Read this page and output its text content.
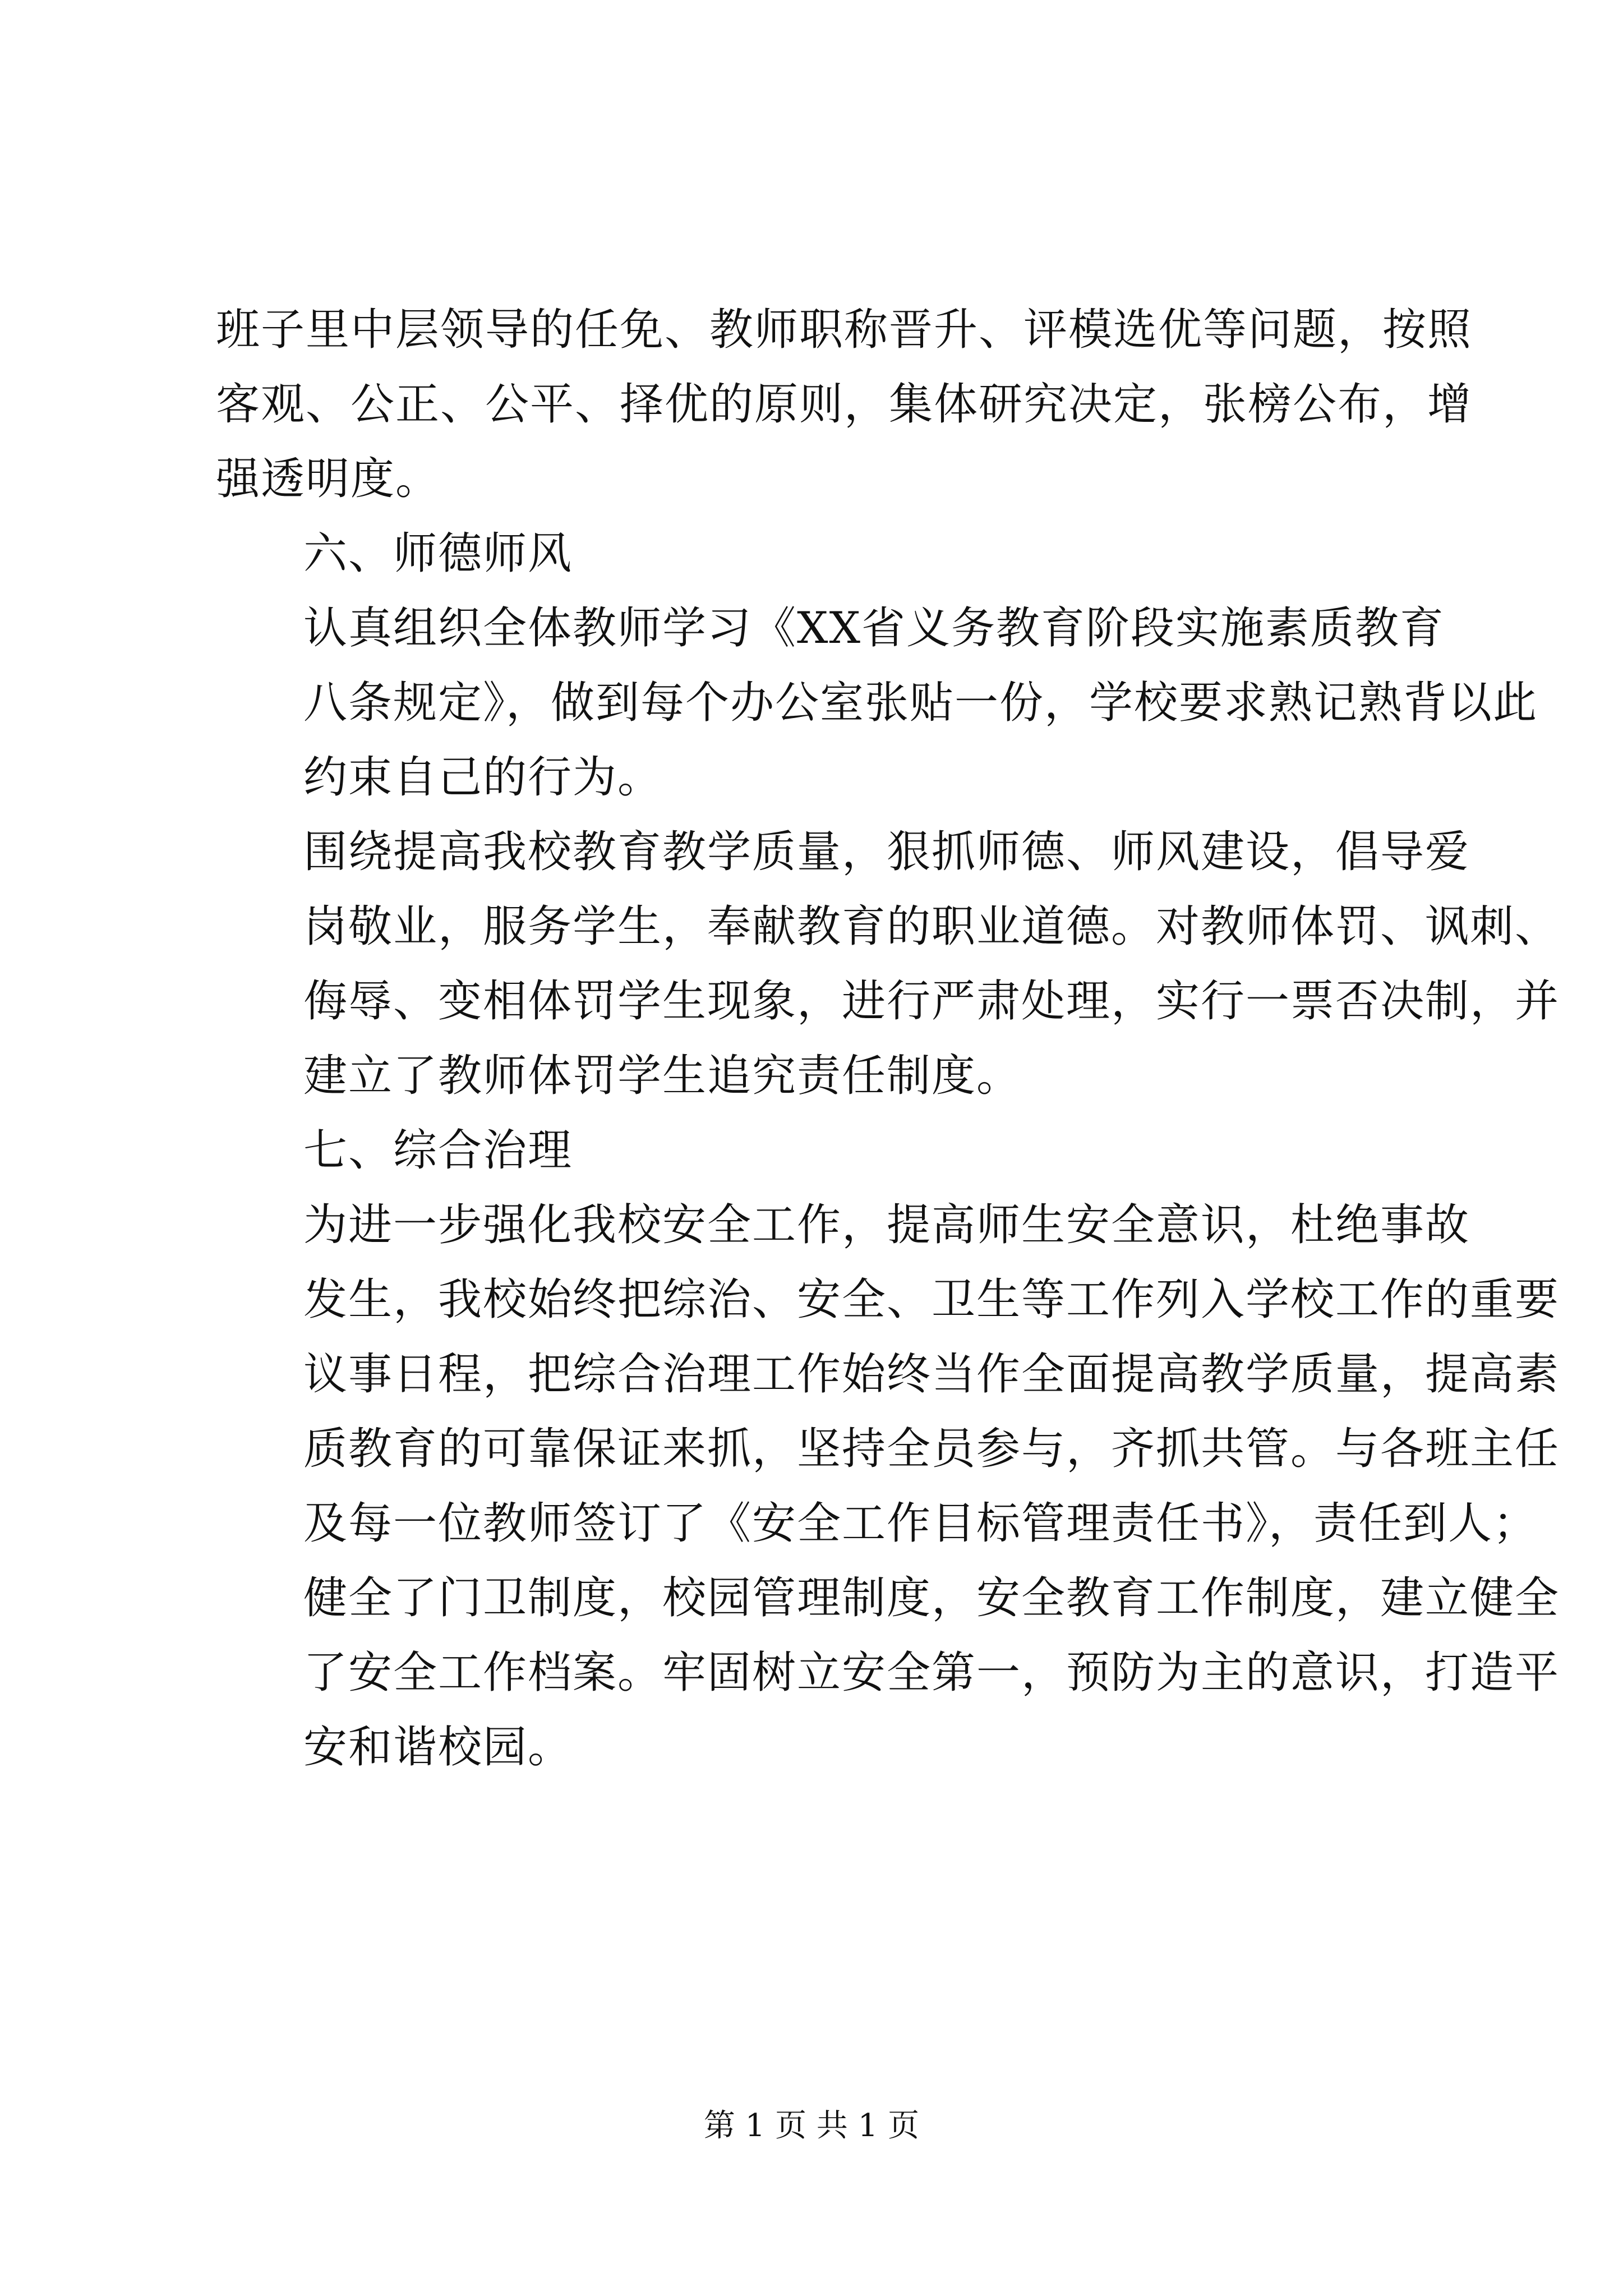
班子里中层领导的任免、教师职称晋升、评模选优等问题，按照
客观、公正、公平、择优的原则，集体研究决定，张榜公布，增
强透明度。

六、师德师风

认真组织全体教师学习《XX省义务教育阶段实施素质教育
八条规定》，做到每个办公室张贴一份，学校要求熟记熟背以此
约束自己的行为。

围绕提高我校教育教学质量，狠抓师德、师风建设，倡导爱
岗敬业，服务学生，奉献教育的职业道德。对教师体罚、讽刺、
侮辱、变相体罚学生现象，进行严肃处理，实行一票否决制，并
建立了教师体罚学生追究责任制度。

七、综合治理

为进一步强化我校安全工作，提高师生安全意识，杜绝事故
发生，我校始终把综治、安全、卫生等工作列入学校工作的重要
议事日程，把综合治理工作始终当作全面提高教学质量，提高素
质教育的可靠保证来抓，坚持全员参与，齐抓共管。与各班主任
及每一位教师签订了《安全工作目标管理责任书》，责任到人；
健全了门卫制度，校园管理制度，安全教育工作制度，建立健全
了安全工作档案。牢固树立安全第一，预防为主的意识，打造平
安和谐校园。

第 1 页 共 1 页
